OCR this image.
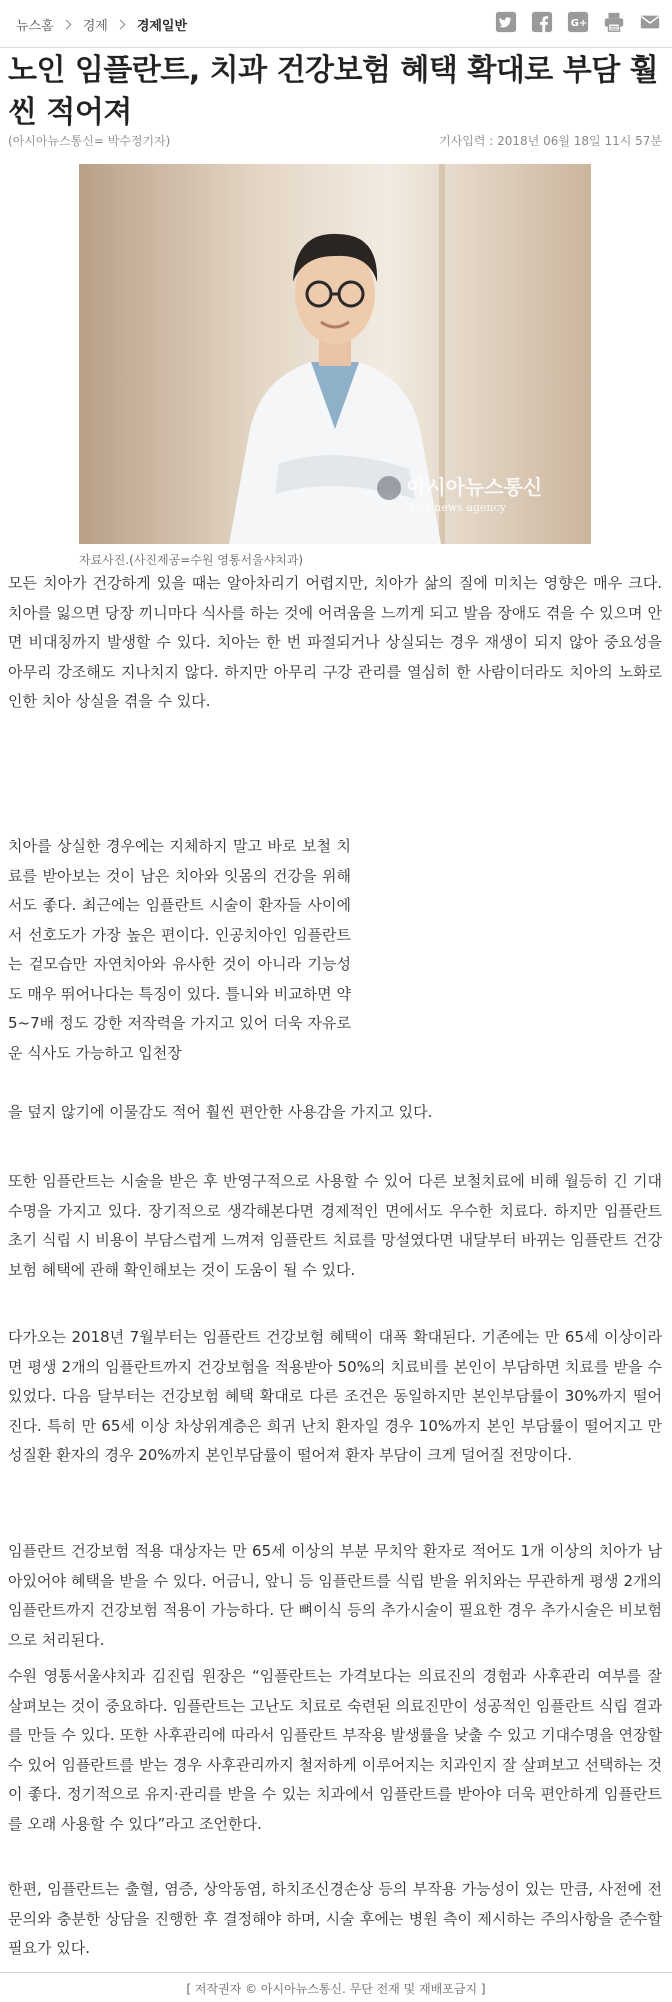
뉴스홈 경제 경제일반	G+
노인 임플란트, 치과 건강보험 혜택 확대로 부담 훨씬 적어져
(아시아뉴스통신= 박수정기자)	기사입력 : 2018년 06월 18일 11시 57분
아시아뉴스통신
Asia news agency
자료사진.(사진제공=수원 영통서울샤치과)

모든 치아가 건강하게 있을 때는 알아차리기 어렵지만, 치아가 삶의 질에 미치는 영향은 매우 크다. 치아를 잃으면 당장 끼니마다 식사를 하는 것에 어려움을 느끼게 되고 발음 장애도 겪을 수 있으며 안면 비대칭까지 발생할 수 있다. 치아는 한 번 파절되거나 상실되는 경우 재생이 되지 않아 중요성을 아무리 강조해도 지나치지 않다. 하지만 아무리 구강 관리를 열심히 한 사람이더라도 치아의 노화로 인한 치아 상실을 겪을 수 있다.

치아를 상실한 경우에는 지체하지 말고 바로 보철 치료를 받아보는 것이 남은 치아와 잇몸의 건강을 위해서도 좋다. 최근에는 임플란트 시술이 환자들 사이에서 선호도가 가장 높은 편이다. 인공치아인 임플란트는 겉모습만 자연치아와 유사한 것이 아니라 기능성도 매우 뛰어나다는 특징이 있다. 틀니와 비교하면 약 5~7배 정도 강한 저작력을 가지고 있어 더욱 자유로운 식사도 가능하고 입천장

을 덮지 않기에 이물감도 적어 훨씬 편안한 사용감을 가지고 있다.

또한 임플란트는 시술을 받은 후 반영구적으로 사용할 수 있어 다른 보철치료에 비해 월등히 긴 기대수명을 가지고 있다. 장기적으로 생각해본다면 경제적인 면에서도 우수한 치료다. 하지만 임플란트 초기 식립 시 비용이 부담스럽게 느껴져 임플란트 치료를 망설였다면 내달부터 바뀌는 임플란트 건강보험 혜택에 관해 확인해보는 것이 도움이 될 수 있다.

다가오는 2018년 7월부터는 임플란트 건강보험 혜택이 대폭 확대된다. 기존에는 만 65세 이상이라면 평생 2개의 임플란트까지 건강보험을 적용받아 50%의 치료비를 본인이 부담하면 치료를 받을 수 있었다. 다음 달부터는 건강보험 혜택 확대로 다른 조건은 동일하지만 본인부담률이 30%까지 떨어진다. 특히 만 65세 이상 차상위계층은 희귀 난치 환자일 경우 10%까지 본인 부담률이 떨어지고 만성질환 환자의 경우 20%까지 본인부담률이 떨어져 환자 부담이 크게 덜어질 전망이다.

임플란트 건강보험 적용 대상자는 만 65세 이상의 부분 무치악 환자로 적어도 1개 이상의 치아가 남아있어야 혜택을 받을 수 있다. 어금니, 앞니 등 임플란트를 식립 받을 위치와는 무관하게 평생 2개의 임플란트까지 건강보험 적용이 가능하다. 단 뼈이식 등의 추가시술이 필요한 경우 추가시술은 비보험으로 처리된다.

수원 영통서울샤치과 김진립 원장은 “임플란트는 가격보다는 의료진의 경험과 사후관리 여부를 잘 살펴보는 것이 중요하다. 임플란트는 고난도 치료로 숙련된 의료진만이 성공적인 임플란트 식립 결과를 만들 수 있다. 또한 사후관리에 따라서 임플란트 부작용 발생률을 낮출 수 있고 기대수명을 연장할 수 있어 임플란트를 받는 경우 사후관리까지 철저하게 이루어지는 치과인지 잘 살펴보고 선택하는 것이 좋다. 정기적으로 유지·관리를 받을 수 있는 치과에서 임플란트를 받아야 더욱 편안하게 임플란트를 오래 사용할 수 있다”라고 조언한다.

한편, 임플란트는 출혈, 염증, 상악동염, 하치조신경손상 등의 부작용 가능성이 있는 만큼, 사전에 전문의와 충분한 상담을 진행한 후 결정해야 하며, 시술 후에는 병원 측이 제시하는 주의사항을 준수할 필요가 있다.

[ 저작권자 © 아시아뉴스통신. 무단 전재 및 재배포금지 ]
